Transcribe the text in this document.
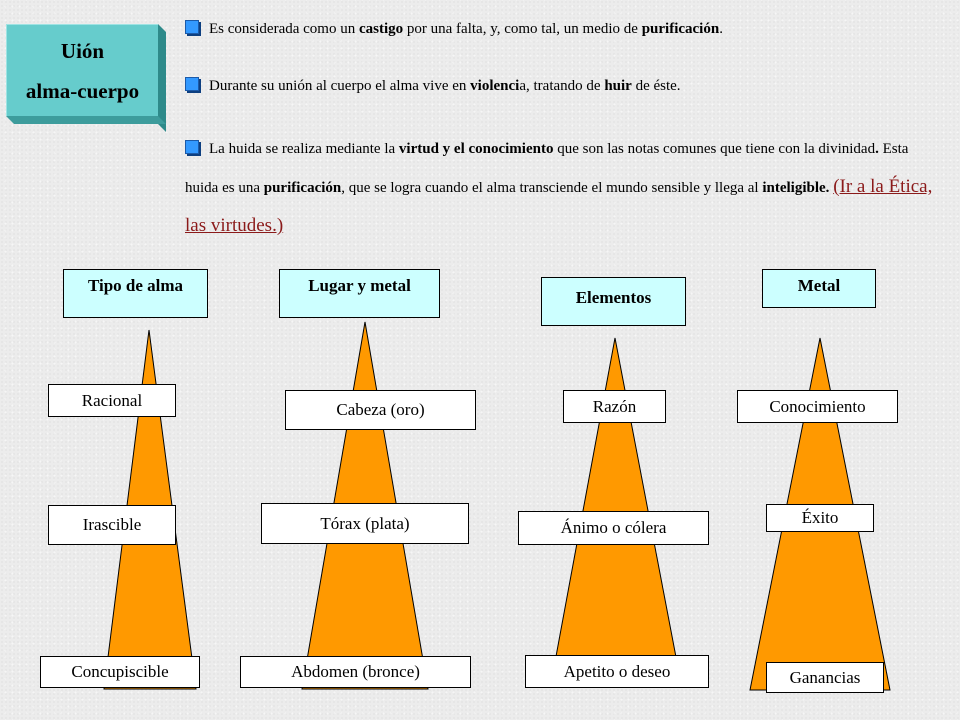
Uión
alma-cuerpo
Es considerada como un castigo por una falta, y, como tal, un medio de purificación.
Durante su unión al cuerpo el alma vive en violencia, tratando de huir de éste.
La huida se realiza mediante la virtud y el conocimiento que son las notas comunes que tiene con la divinidad. Esta huida es una purificación, que se logra cuando el alma transciende el mundo sensible y llega al inteligible. (Ir a la Ética, las virtudes.)
Tipo de alma	Lugar y metal
Elementos
Metal
Racional
Irascible
Concupiscible
Cabeza (oro)
Tórax (plata)
Abdomen (bronce)
Razón
Ánimo o cólera
Apetito o deseo
Conocimiento
Éxito
Ganancias
